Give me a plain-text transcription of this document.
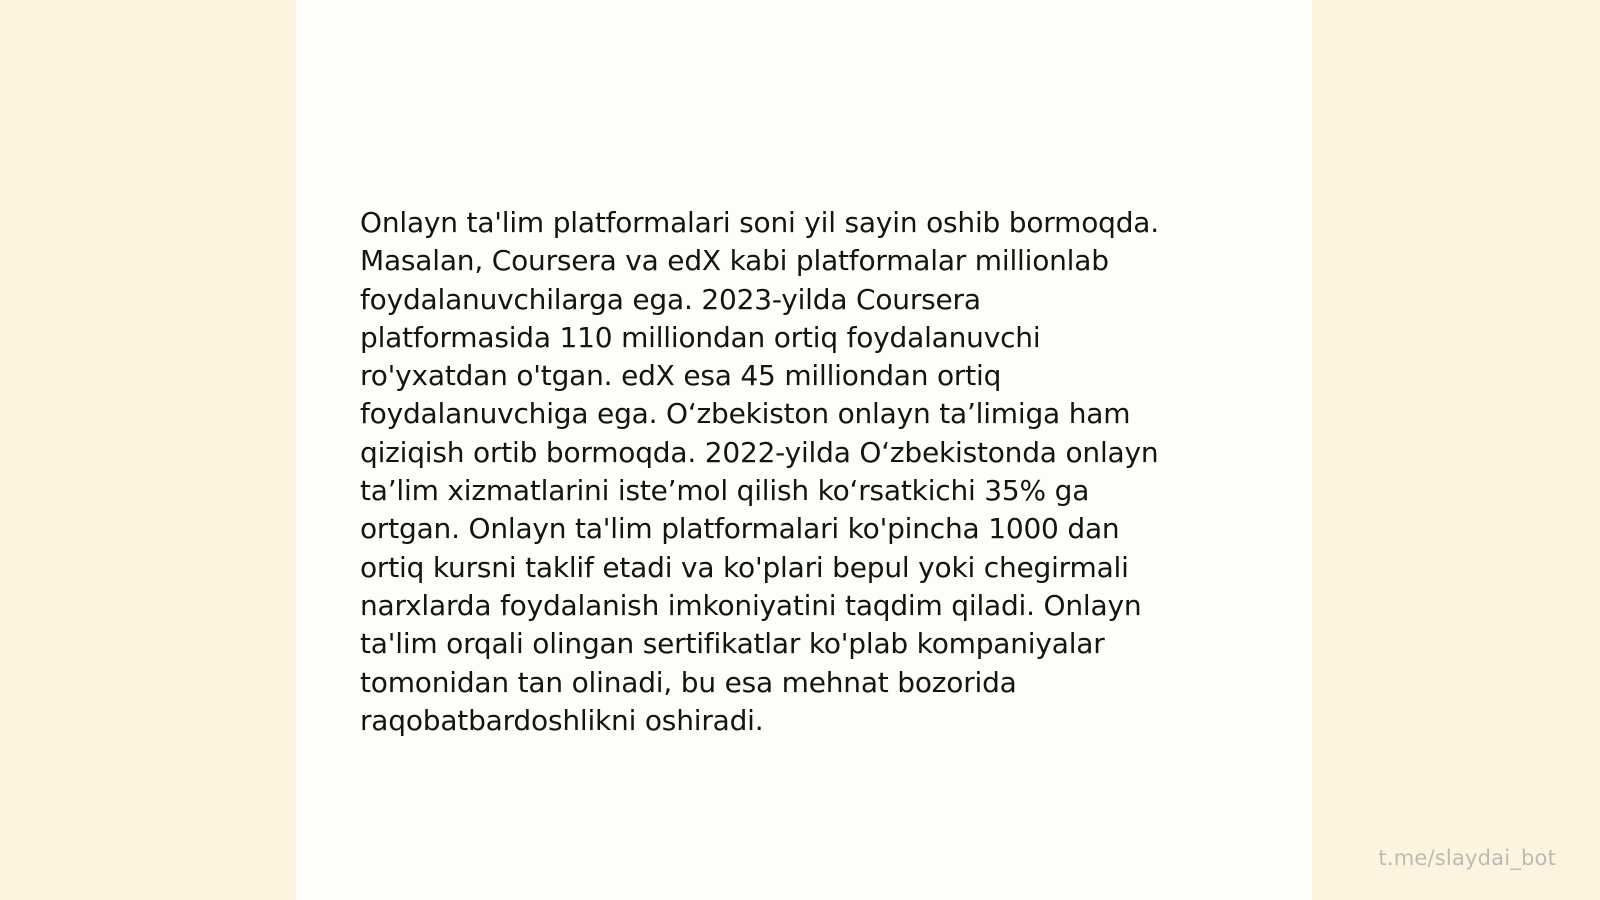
Onlayn ta'lim platformalari soni yil sayin oshib bormoqda.
Masalan, Coursera va edX kabi platformalar millionlab
foydalanuvchilarga ega. 2023-yilda Coursera
platformasida 110 milliondan ortiq foydalanuvchi
ro'yxatdan o'tgan. edX esa 45 milliondan ortiq
foydalanuvchiga ega. O‘zbekiston onlayn ta’limiga ham
qiziqish ortib bormoqda. 2022-yilda O‘zbekistonda onlayn
ta’lim xizmatlarini iste’mol qilish ko‘rsatkichi 35% ga
ortgan. Onlayn ta'lim platformalari ko'pincha 1000 dan
ortiq kursni taklif etadi va ko'plari bepul yoki chegirmali
narxlarda foydalanish imkoniyatini taqdim qiladi. Onlayn
ta'lim orqali olingan sertifikatlar ko'plab kompaniyalar
tomonidan tan olinadi, bu esa mehnat bozorida
raqobatbardoshlikni oshiradi.

t.me/slaydai_bot
